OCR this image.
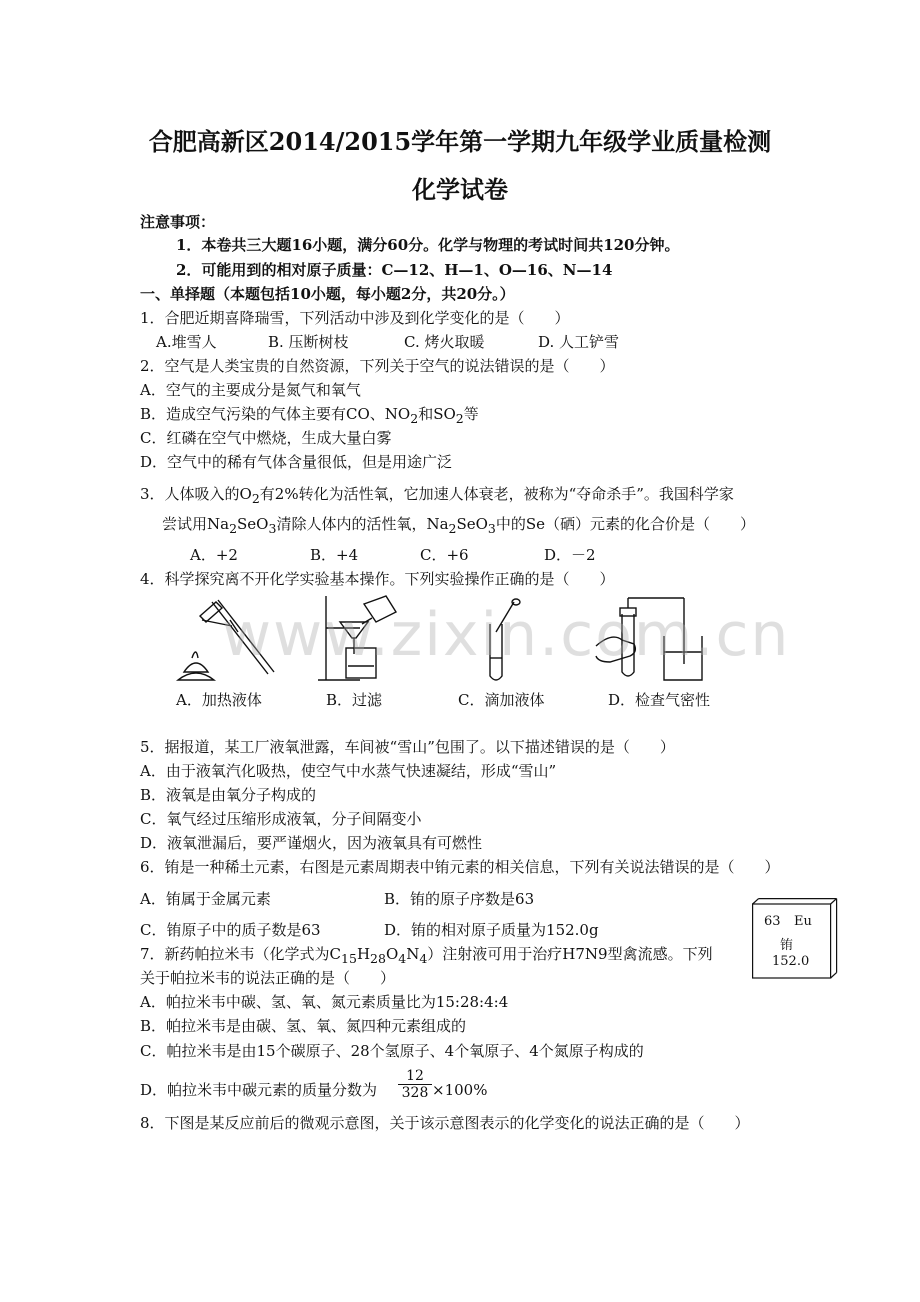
合肥高新区2014/2015学年第一学期九年级学业质量检测
化学试卷
注意事项：
1．本卷共三大题16小题，满分60分。化学与物理的考试时间共120分钟。
2．可能用到的相对原子质量：C—12、H—1、O—16、N—14
一、单择题（本题包括10小题，每小题2分，共20分。）
1．合肥近期喜降瑞雪，下列活动中涉及到化学变化的是（　　）
A.堆雪人	B. 压断树枝	C. 烤火取暖	D. 人工铲雪
2．空气是人类宝贵的自然资源，下列关于空气的说法错误的是（　　）
A．空气的主要成分是氮气和氧气
B．造成空气污染的气体主要有CO、$NO_2$和$SO_2$等
C．红磷在空气中燃烧，生成大量白雾
D．空气中的稀有气体含量很低，但是用途广泛
3．人体吸入的$O_2$有2%转化为活性氧，它加速人体衰老，被称为“夺命杀手”。我国科学家
尝试用$Na_2SeO_3$清除人体内的活性氧，$Na_2SeO_3$中的Se（硒）元素的化合价是（　　）
A．+2	B．+4	C．+6	D．－2
4．科学探究离不开化学实验基本操作。下列实验操作正确的是（　　）
A．加热液体	B．过滤	C．滴加液体	D．检查气密性
www.zixin.com.cn
5．据报道，某工厂液氧泄露，车间被“雪山”包围了。以下描述错误的是（　　）
A．由于液氧汽化吸热，使空气中水蒸气快速凝结，形成“雪山”
B．液氧是由氧分子构成的
C．氧气经过压缩形成液氧，分子间隔变小
D．液氧泄漏后，要严谨烟火，因为液氧具有可燃性
6．铕是一种稀土元素，右图是元素周期表中铕元素的相关信息，下列有关说法错误的是（　　）
A．铕属于金属元素	B．铕的原子序数是63
C．铕原子中的质子数是63	D．铕的相对原子质量为152.0g	63 Eu
铕
152.0
7．新药帕拉米韦（化学式为$C_{15}H_{28}O_4N_4$）注射液可用于治疗H7N9型禽流感。下列
关于帕拉米韦的说法正确的是（　　）
A．帕拉米韦中碳、氢、氧、氮元素质量比为15:28:4:4
B．帕拉米韦是由碳、氢、氧、氮四种元素组成的
C．帕拉米韦是由15个碳原子、28个氢原子、4个氧原子、4个氮原子构成的
D．帕拉米韦中碳元素的质量分数为 $\frac{12}{328} \times 100\%$
8．下图是某反应前后的微观示意图，关于该示意图表示的化学变化的说法正确的是（　　）
